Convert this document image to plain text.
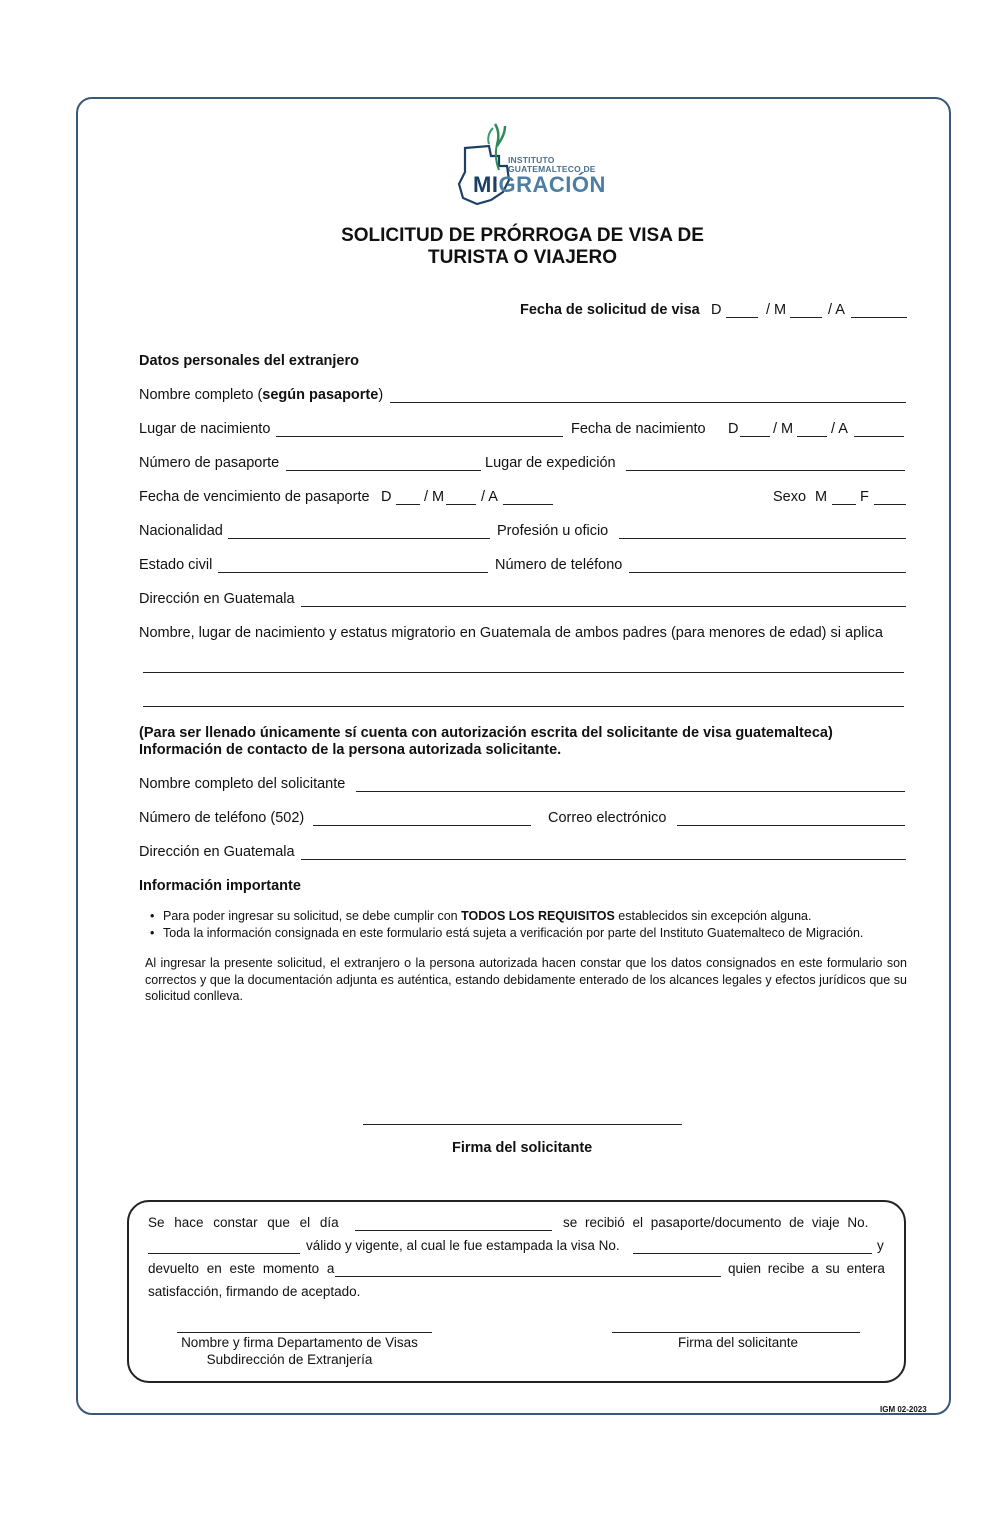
INSTITUTO
GUATEMALTECO DE
MIGRACIÓN
SOLICITUD DE PRÓRROGA DE VISA DE
TURISTA O VIAJERO
Fecha de solicitud de visa D	/ M	/ A
Datos personales del extranjero
Nombre completo (según pasaporte)
Lugar de nacimiento	Fecha de nacimiento D / M	/ A
Número de pasaporte	Lugar de expedición
Fecha de vencimiento de pasaporte D / M	/ A	Sexo M F
Nacionalidad	Profesión u oficio
Estado civil	Número de teléfono
Dirección en Guatemala
Nombre, lugar de nacimiento y estatus migratorio en Guatemala de ambos padres (para menores de edad) si aplica
(Para ser llenado únicamente sí cuenta con autorización escrita del solicitante de visa guatemalteca)
Información de contacto de la persona autorizada solicitante.
Nombre completo del solicitante
Número de teléfono (502)	Correo electrónico
Dirección en Guatemala
Información importante
• Para poder ingresar su solicitud, se debe cumplir con TODOS LOS REQUISITOS establecidos sin excepción alguna.
• Toda la información consignada en este formulario está sujeta a verificación por parte del Instituto Guatemalteco de Migración.
Al ingresar la presente solicitud, el extranjero o la persona autorizada hacen constar que los datos consignados en este formulario son correctos y que la documentación adjunta es auténtica, estando debidamente enterado de los alcances legales y efectos jurídicos que su solicitud conlleva.
Firma del solicitante
Se hace constar que el día	se recibió el pasaporte/documento de viaje No.
válido y vigente, al cual le fue estampada la visa No.	y
devuelto en este momento a	quien recibe a su entera
satisfacción, firmando de aceptado.
Nombre y firma Departamento de Visas
Subdirección de Extranjería
Firma del solicitante
IGM 02-2023
